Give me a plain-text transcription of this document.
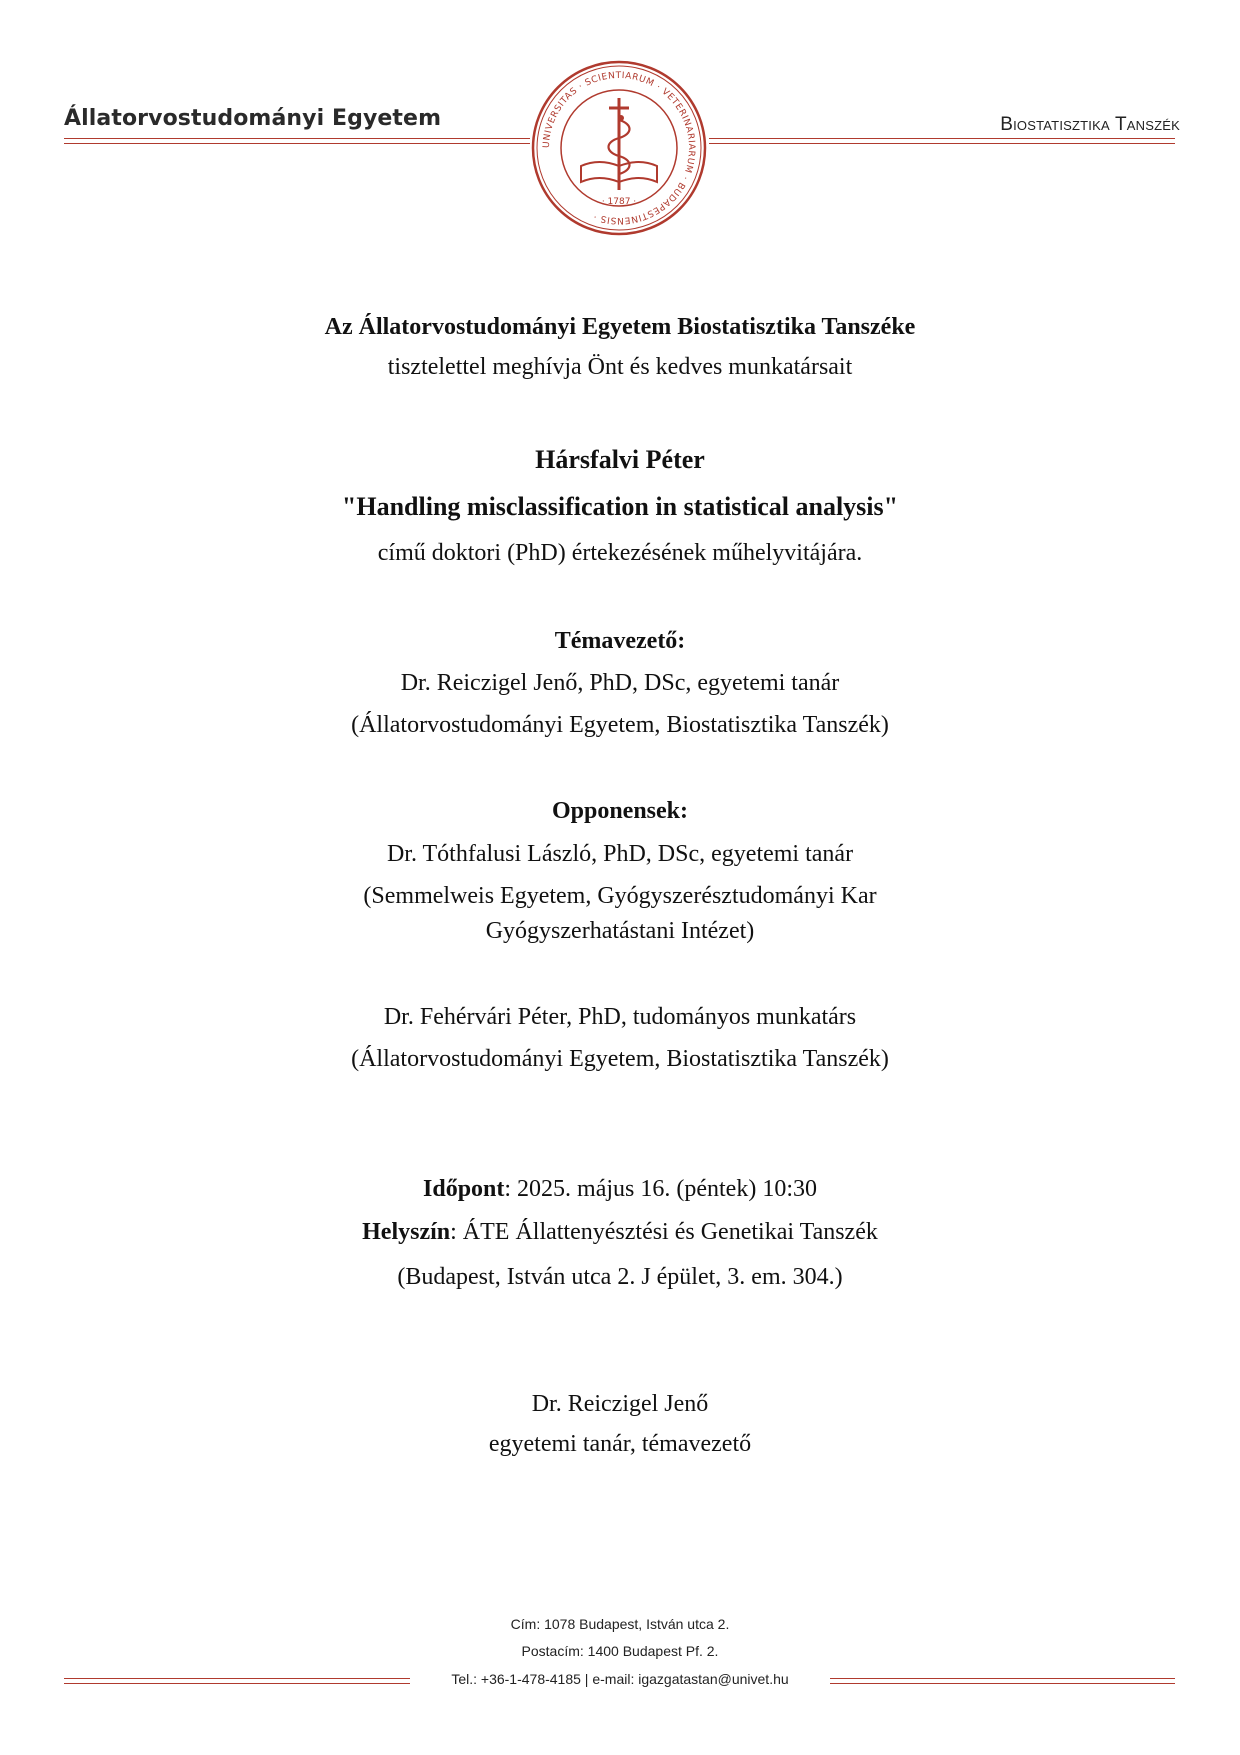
Állatorvostudományi Egyetem	Biostatisztika Tanszék
UNIVERSITAS · SCIENTIARUM · VETERINARIARUM · BUDAPESTINENSIS ·
· 1787 ·
Az Állatorvostudományi Egyetem Biostatisztika Tanszéke
tisztelettel meghívja Önt és kedves munkatársait
Hársfalvi Péter
"Handling misclassification in statistical analysis"
című doktori (PhD) értekezésének műhelyvitájára.
Témavezető:
Dr. Reiczigel Jenő, PhD, DSc, egyetemi tanár
(Állatorvostudományi Egyetem, Biostatisztika Tanszék)
Opponensek:
Dr. Tóthfalusi László, PhD, DSc, egyetemi tanár
(Semmelweis Egyetem, Gyógyszerésztudományi Kar
Gyógyszerhatástani Intézet)
Dr. Fehérvári Péter, PhD, tudományos munkatárs
(Állatorvostudományi Egyetem, Biostatisztika Tanszék)
Időpont: 2025. május 16. (péntek) 10:30
Helyszín: ÁTE Állattenyésztési és Genetikai Tanszék
(Budapest, István utca 2. J épület, 3. em. 304.)
Dr. Reiczigel Jenő
egyetemi tanár, témavezető
Cím: 1078 Budapest, István utca 2.
Postacím: 1400 Budapest Pf. 2.
Tel.: +36-1-478-4185 | e-mail: igazgatastan@univet.hu
